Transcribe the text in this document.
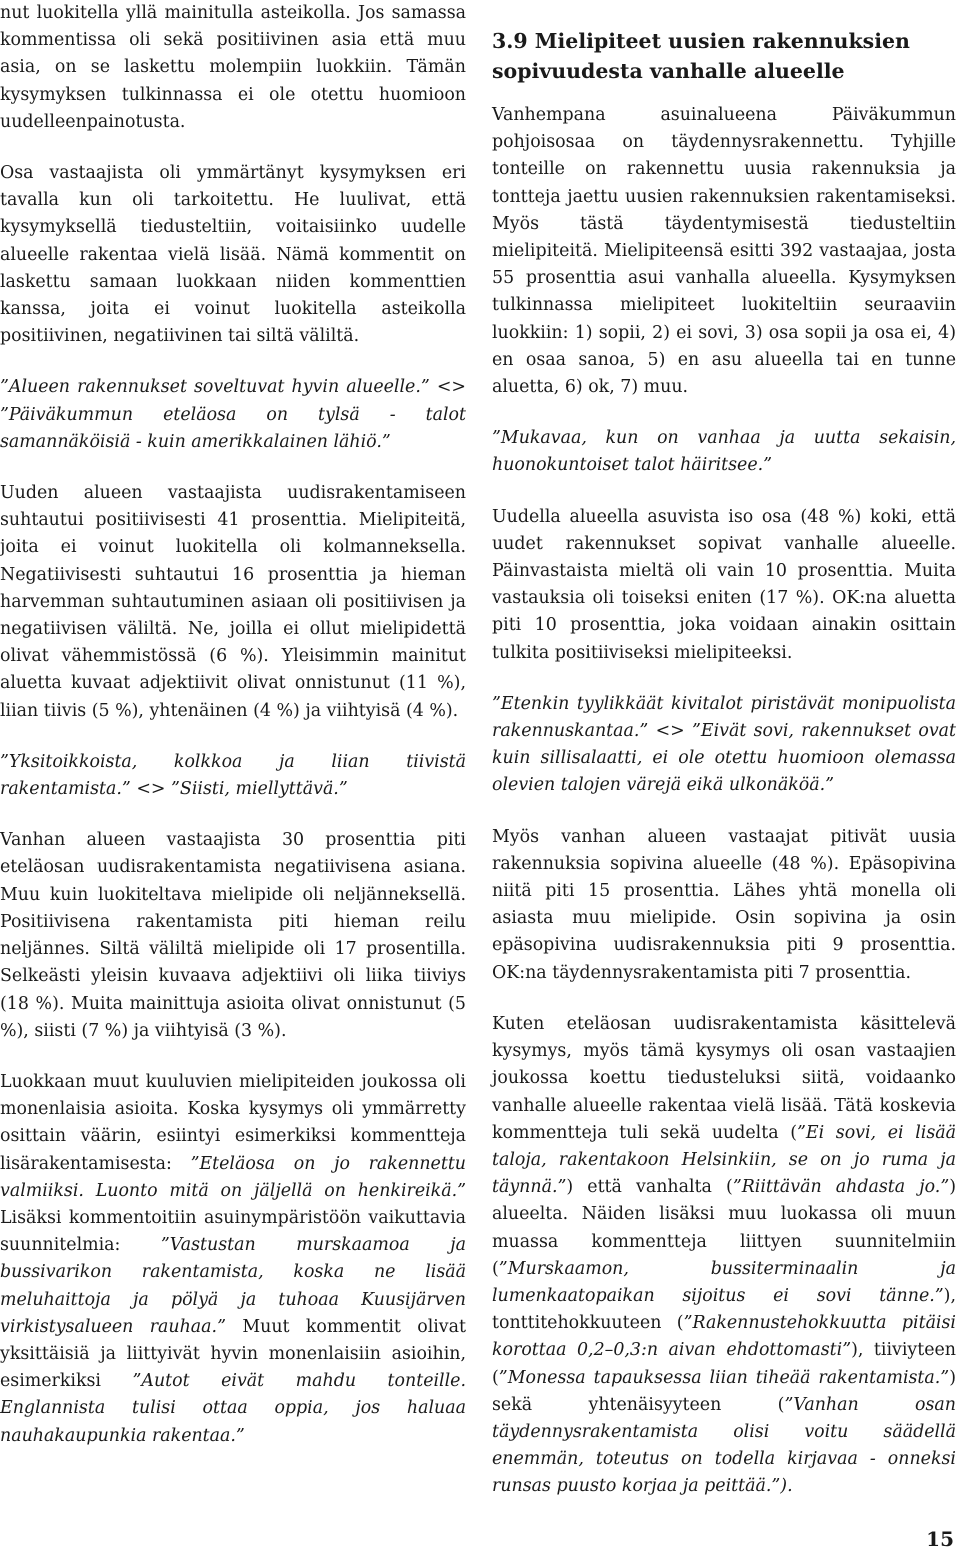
nut luokitella yllä mainitulla asteikolla. Jos samassa kommentissa oli sekä positiivinen asia että muu asia, on se laskettu molempiin luokkiin. Tämän kysymyksen tulkinnassa ei ole otettu huomioon uudelleenpainotusta.

Osa vastaajista oli ymmärtänyt kysymyksen eri tavalla kun oli tarkoitettu. He luulivat, että kysymyksellä tiedusteltiin, voitaisiinko uudelle alueelle rakentaa vielä lisää. Nämä kommentit on laskettu samaan luokkaan niiden kommenttien kanssa, joita ei voinut luokitella asteikolla positiivinen, negatiivinen tai siltä väliltä.

”Alueen rakennukset soveltuvat hyvin alueelle.” <> ”Päiväkummun eteläosa on tylsä - talot samannäköisiä - kuin amerikkalainen lähiö.”

Uuden alueen vastaajista uudisrakentamiseen suhtautui positiivisesti 41 prosenttia. Mielipiteitä, joita ei voinut luokitella oli kolmanneksella. Negatiivisesti suhtautui 16 prosenttia ja hieman harvemman suhtautuminen asiaan oli positiivisen ja negatiivisen väliltä. Ne, joilla ei ollut mielipidettä olivat vähemmistössä (6 %). Yleisimmin mainitut aluetta kuvaat adjektiivit olivat onnistunut (11 %), liian tiivis (5 %), yhtenäinen (4 %) ja viihtyisä (4 %).

”Yksitoikkoista, kolkkoa ja liian tiivistä rakentamista.” <> ”Siisti, miellyttävä.”

Vanhan alueen vastaajista 30 prosenttia piti eteläosan uudisrakentamista negatiivisena asiana. Muu kuin luokiteltava mielipide oli neljänneksellä. Positiivisena rakentamista piti hieman reilu neljännes. Siltä väliltä mielipide oli 17 prosentilla. Selkeästi yleisin kuvaava adjektiivi oli liika tiiviys (18 %). Muita mainittuja asioita olivat onnistunut (5 %), siisti (7 %) ja viihtyisä (3 %).

Luokkaan muut kuuluvien mielipiteiden joukossa oli monenlaisia asioita. Koska kysymys oli ymmärretty osittain väärin, esiintyi esimerkiksi kommentteja lisärakentamisesta: ”Eteläosa on jo rakennettu valmiiksi. Luonto mitä on jäljellä on henkireikä.” Lisäksi kommentoitiin asuinympäristöön vaikuttavia suunnitelmia: ”Vastustan murskaamoa ja bussivarikon rakentamista, koska ne lisää meluhaittoja ja pölyä ja tuhoaa Kuusijärven virkistysalueen rauhaa.” Muut kommentit olivat yksittäisiä ja liittyivät hyvin monenlaisiin asioihin, esimerkiksi ”Autot eivät mahdu tonteille. Englannista tulisi ottaa oppia, jos haluaa nauhakaupunkia rakentaa.”

3.9 Mielipiteet uusien rakennuksien sopivuudesta vanhalle alueelle

Vanhempana asuinalueena Päiväkummun pohjoisosaa on täydennysrakennettu. Tyhjille tonteille on rakennettu uusia rakennuksia ja tontteja jaettu uusien rakennuksien rakentamiseksi. Myös tästä täydentymisestä tiedusteltiin mielipiteitä. Mielipiteensä esitti 392 vastaajaa, josta 55 prosenttia asui vanhalla alueella. Kysymyksen tulkinnassa mielipiteet luokiteltiin seuraaviin luokkiin: 1) sopii, 2) ei sovi, 3) osa sopii ja osa ei, 4) en osaa sanoa, 5) en asu alueella tai en tunne aluetta, 6) ok, 7) muu.

”Mukavaa, kun on vanhaa ja uutta sekaisin, huonokuntoiset talot häiritsee.”

Uudella alueella asuvista iso osa (48 %) koki, että uudet rakennukset sopivat vanhalle alueelle. Päinvastaista mieltä oli vain 10 prosenttia. Muita vastauksia oli toiseksi eniten (17 %). OK:na aluetta piti 10 prosenttia, joka voidaan ainakin osittain tulkita positiiviseksi mielipiteeksi.

”Etenkin tyylikkäät kivitalot piristävät monipuolista rakennuskantaa.” <> ”Eivät sovi, rakennukset ovat kuin sillisalaatti, ei ole otettu huomioon olemassa olevien talojen värejä eikä ulkonäköä.”

Myös vanhan alueen vastaajat pitivät uusia rakennuksia sopivina alueelle (48 %). Epäsopivina niitä piti 15 prosenttia. Lähes yhtä monella oli asiasta muu mielipide. Osin sopivina ja osin epäsopivina uudisrakennuksia piti 9 prosenttia. OK:na täydennysrakentamista piti 7 prosenttia.

Kuten eteläosan uudisrakentamista käsittelevä kysymys, myös tämä kysymys oli osan vastaajien joukossa koettu tiedusteluksi siitä, voidaanko vanhalle alueelle rakentaa vielä lisää. Tätä koskevia kommentteja tuli sekä uudelta (”Ei sovi, ei lisää taloja, rakentakoon Helsinkiin, se on jo ruma ja täynnä.”) että vanhalta (”Riittävän ahdasta jo.”) alueelta. Näiden lisäksi muu luokassa oli muun muassa kommentteja liittyen suunnitelmiin (”Murskaamon, bussiterminaalin ja lumenkaatopaikan sijoitus ei sovi tänne.”), tonttitehokkuuteen (”Rakennustehokkuutta pitäisi korottaa 0,2–0,3:n aivan ehdottomasti”), tiiviyteen (”Monessa tapauksessa liian tiheää rakentamista.”) sekä yhtenäisyyteen (”Vanhan osan täydennysrakentamista olisi voitu säädellä enemmän, toteutus on todella kirjavaa - onneksi runsas puusto korjaa ja peittää.”).

15
